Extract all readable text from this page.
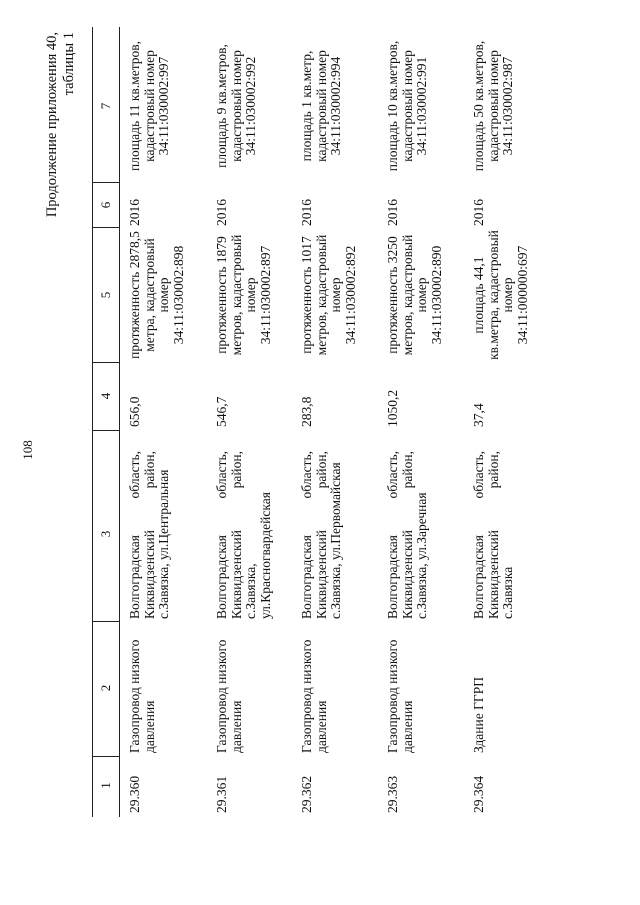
108
Продолжение приложения 40, таблицы 1
1
2
3
4
5
6
7
29.360
Газопровод низкого давления
Волгоградская область, Киквидзенский район, с.Завязка, ул.Центральная
656,0
протяженность 2878,5 метра, кадастровый номер 34:11:030002:898
2016
площадь 11 кв.метров, кадастровый номер 34:11:030002:997
29.361
Газопровод низкого давления
Волгоградская область, Киквидзенский район, с.Завязка, ул.Красногвардейская
546,7
протяженность 1879 метров, кадастровый номер 34:11:030002:897
2016
площадь 9 кв.метров, кадастровый номер 34:11:030002:992
29.362
Газопровод низкого давления
Волгоградская область, Киквидзенский район, с.Завязка, ул.Первомайская
283,8
протяженность 1017 метров, кадастровый номер 34:11:030002:892
2016
площадь 1 кв.метр, кадастровый номер 34:11:030002:994
29.363
Газопровод низкого давления
Волгоградская область, Киквидзенский район, с.Завязка, ул.Заречная
1050,2
протяженность 3250 метров, кадастровый номер 34:11:030002:890
2016
площадь 10 кв.метров, кадастровый номер 34:11:030002:991
29.364
Здание ГГРП
Волгоградская область, Киквидзенский район, с.Завязка
37,4
площадь 44,1 кв.метра, кадастровый номер 34:11:000000:697
2016
площадь 50 кв.метров, кадастровый номер 34:11:030002:987
